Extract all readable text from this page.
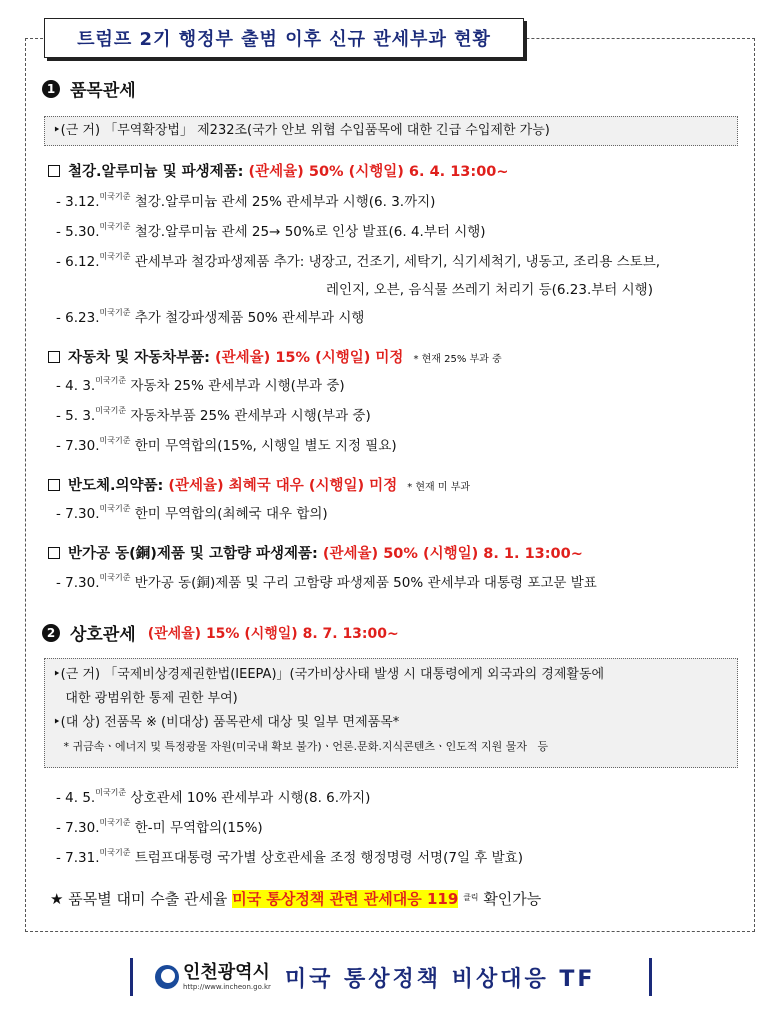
트럼프 2기 행정부 출범 이후 신규 관세부과 현황
1 품목관세
‣(근 거) 「무역확장법」 제232조(국가 안보 위협 수입품목에 대한 긴급 수입제한 가능)
철강.알루미늄 및 파생제품: (관세율) 50% (시행일) 6. 4. 13:00~
- 3.12.$^{미국기준}$ 철강.알루미늄 관세 25% 관세부과 시행(6. 3.까지)
- 5.30.$^{미국기준}$ 철강.알루미늄 관세 25→ 50%로 인상 발표(6. 4.부터 시행)
- 6.12.$^{미국기준}$ 관세부과 철강파생제품 추가: 냉장고, 건조기, 세탁기, 식기세척기, 냉동고, 조리용 스토브,
레인지, 오븐, 음식물 쓰레기 처리기 등(6.23.부터 시행)
- 6.23.$^{미국기준}$ 추가 철강파생제품 50% 관세부과 시행
자동차 및 자동차부품: (관세율) 15% (시행일) 미정 * 현재 25% 부과 중
- 4. 3.$^{미국기준}$ 자동차 25% 관세부과 시행(부과 중)
- 5. 3.$^{미국기준}$ 자동차부품 25% 관세부과 시행(부과 중)
- 7.30.$^{미국기준}$ 한미 무역합의(15%, 시행일 별도 지정 필요)
반도체.의약품: (관세율) 최혜국 대우 (시행일) 미정 * 현재 미 부과
- 7.30.$^{미국기준}$ 한미 무역합의(최혜국 대우 합의)
반가공 동(銅)제품 및 고함량 파생제품: (관세율) 50% (시행일) 8. 1. 13:00~
- 7.30.$^{미국기준}$ 반가공 동(銅)제품 및 구리 고함량 파생제품 50% 관세부과 대통령 포고문 발표
2 상호관세 (관세율) 15% (시행일) 8. 7. 13:00~
‣(근 거) 「국제비상경제권한법(IEEPA)」(국가비상사태 발생 시 대통령에게 외국과의 경제활동에
대한 광범위한 통제 권한 부여)
‣(대 상) 전품목 ※ (비대상) 품목관세 대상 및 일부 면제품목*
* 귀금속ㆍ에너지 및 특정광물 자원(미국내 확보 불가)ㆍ언론.문화.지식콘텐츠ㆍ인도적 지원 물자   등
- 4. 5.$^{미국기준}$ 상호관세 10% 관세부과 시행(8. 6.까지)
- 7.30.$^{미국기준}$ 한-미 무역합의(15%)
- 7.31.$^{미국기준}$ 트럼프대통령 국가별 상호관세율 조정 행정명령 서명(7일 후 발효)
★ 품목별 대미 수출 관세율 미국 통상정책 관련 관세대응 119 $^{클릭}$ 확인가능
인천광역시
http://www.incheon.go.kr 미국 통상정책 비상대응 TF
